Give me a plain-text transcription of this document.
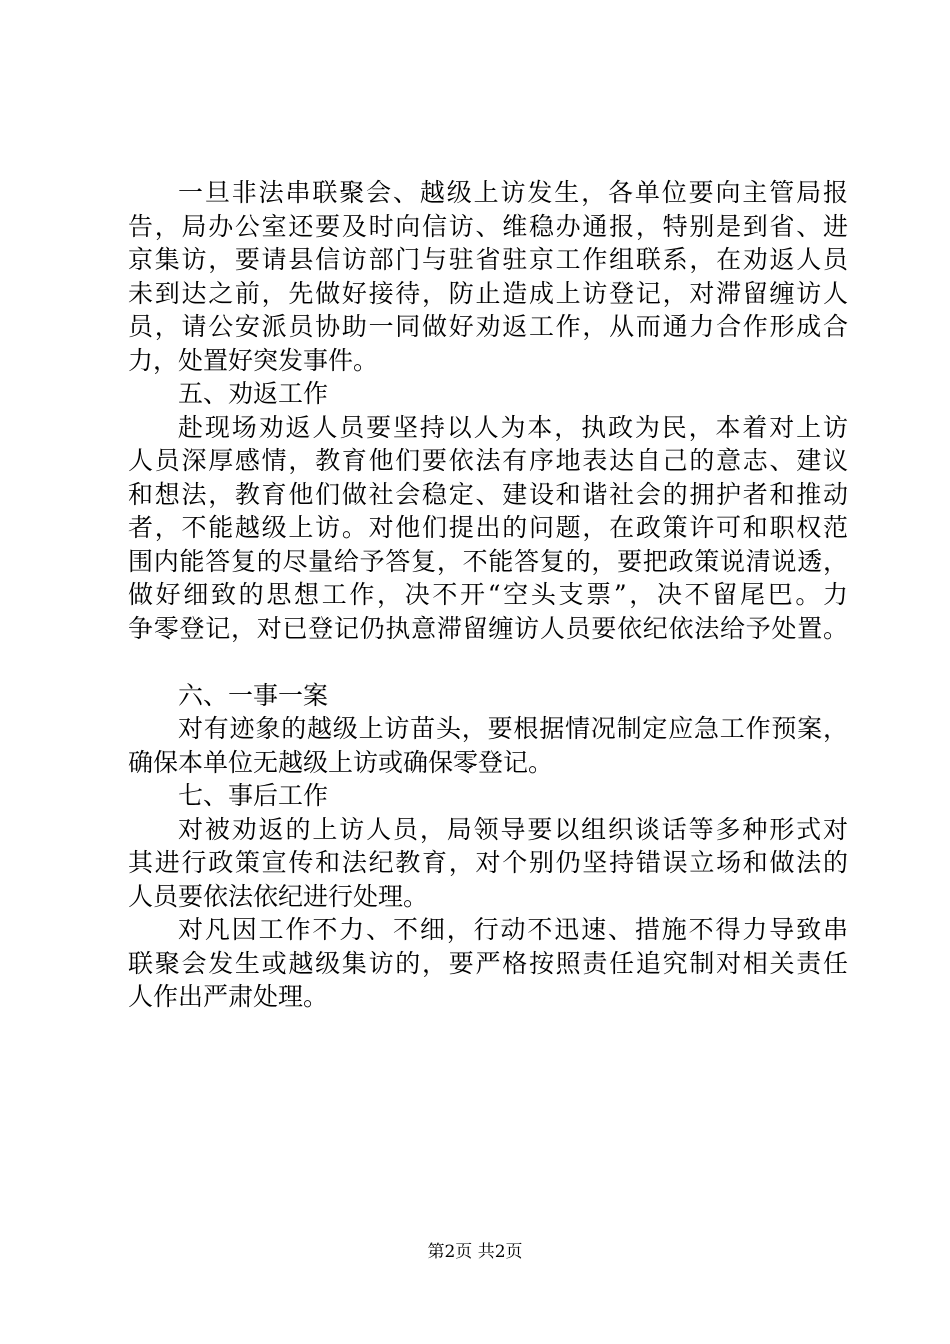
一旦非法串联聚会、越级上访发生，各单位要向主管局报
告，局办公室还要及时向信访、维稳办通报，特别是到省、进
京集访，要请县信访部门与驻省驻京工作组联系，在劝返人员
未到达之前，先做好接待，防止造成上访登记，对滞留缠访人
员，请公安派员协助一同做好劝返工作，从而通力合作形成合
力，处置好突发事件。
五、劝返工作
赴现场劝返人员要坚持以人为本，执政为民，本着对上访
人员深厚感情，教育他们要依法有序地表达自己的意志、建议
和想法，教育他们做社会稳定、建设和谐社会的拥护者和推动
者，不能越级上访。对他们提出的问题，在政策许可和职权范
围内能答复的尽量给予答复，不能答复的，要把政策说清说透，
做好细致的思想工作，决不开“空头支票”，决不留尾巴。力
争零登记，对已登记仍执意滞留缠访人员要依纪依法给予处置。
六、一事一案
对有迹象的越级上访苗头，要根据情况制定应急工作预案，
确保本单位无越级上访或确保零登记。
七、事后工作
对被劝返的上访人员，局领导要以组织谈话等多种形式对
其进行政策宣传和法纪教育，对个别仍坚持错误立场和做法的
人员要依法依纪进行处理。
对凡因工作不力、不细，行动不迅速、措施不得力导致串
联聚会发生或越级集访的，要严格按照责任追究制对相关责任
人作出严肃处理。
第2页 共2页
